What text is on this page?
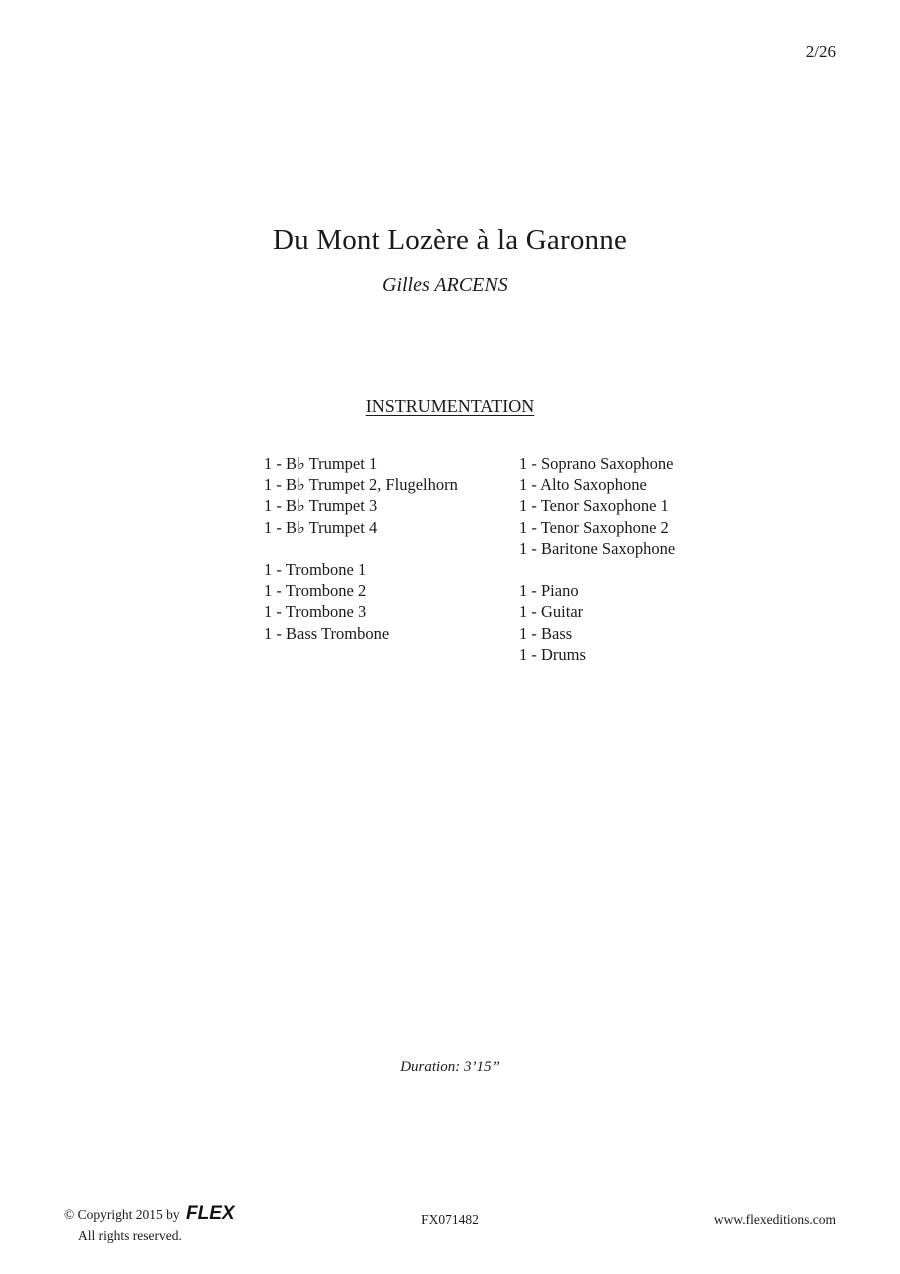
2/26
Du Mont Lozère à la Garonne
Gilles ARCENS
INSTRUMENTATION
1 - B♭ Trumpet 1
1 - B♭ Trumpet 2, Flugelhorn
1 - B♭ Trumpet 3
1 - B♭ Trumpet 4
1 - Trombone 1
1 - Trombone 2
1 - Trombone 3
1 - Bass Trombone
1 - Soprano Saxophone
1 - Alto Saxophone
1 - Tenor Saxophone 1
1 - Tenor Saxophone 2
1 - Baritone Saxophone
1 - Piano
1 - Guitar
1 - Bass
1 - Drums
Duration: 3’15”
© Copyright 2015 by FLEX
All rights reserved.
FX071482	www.flexeditions.com
